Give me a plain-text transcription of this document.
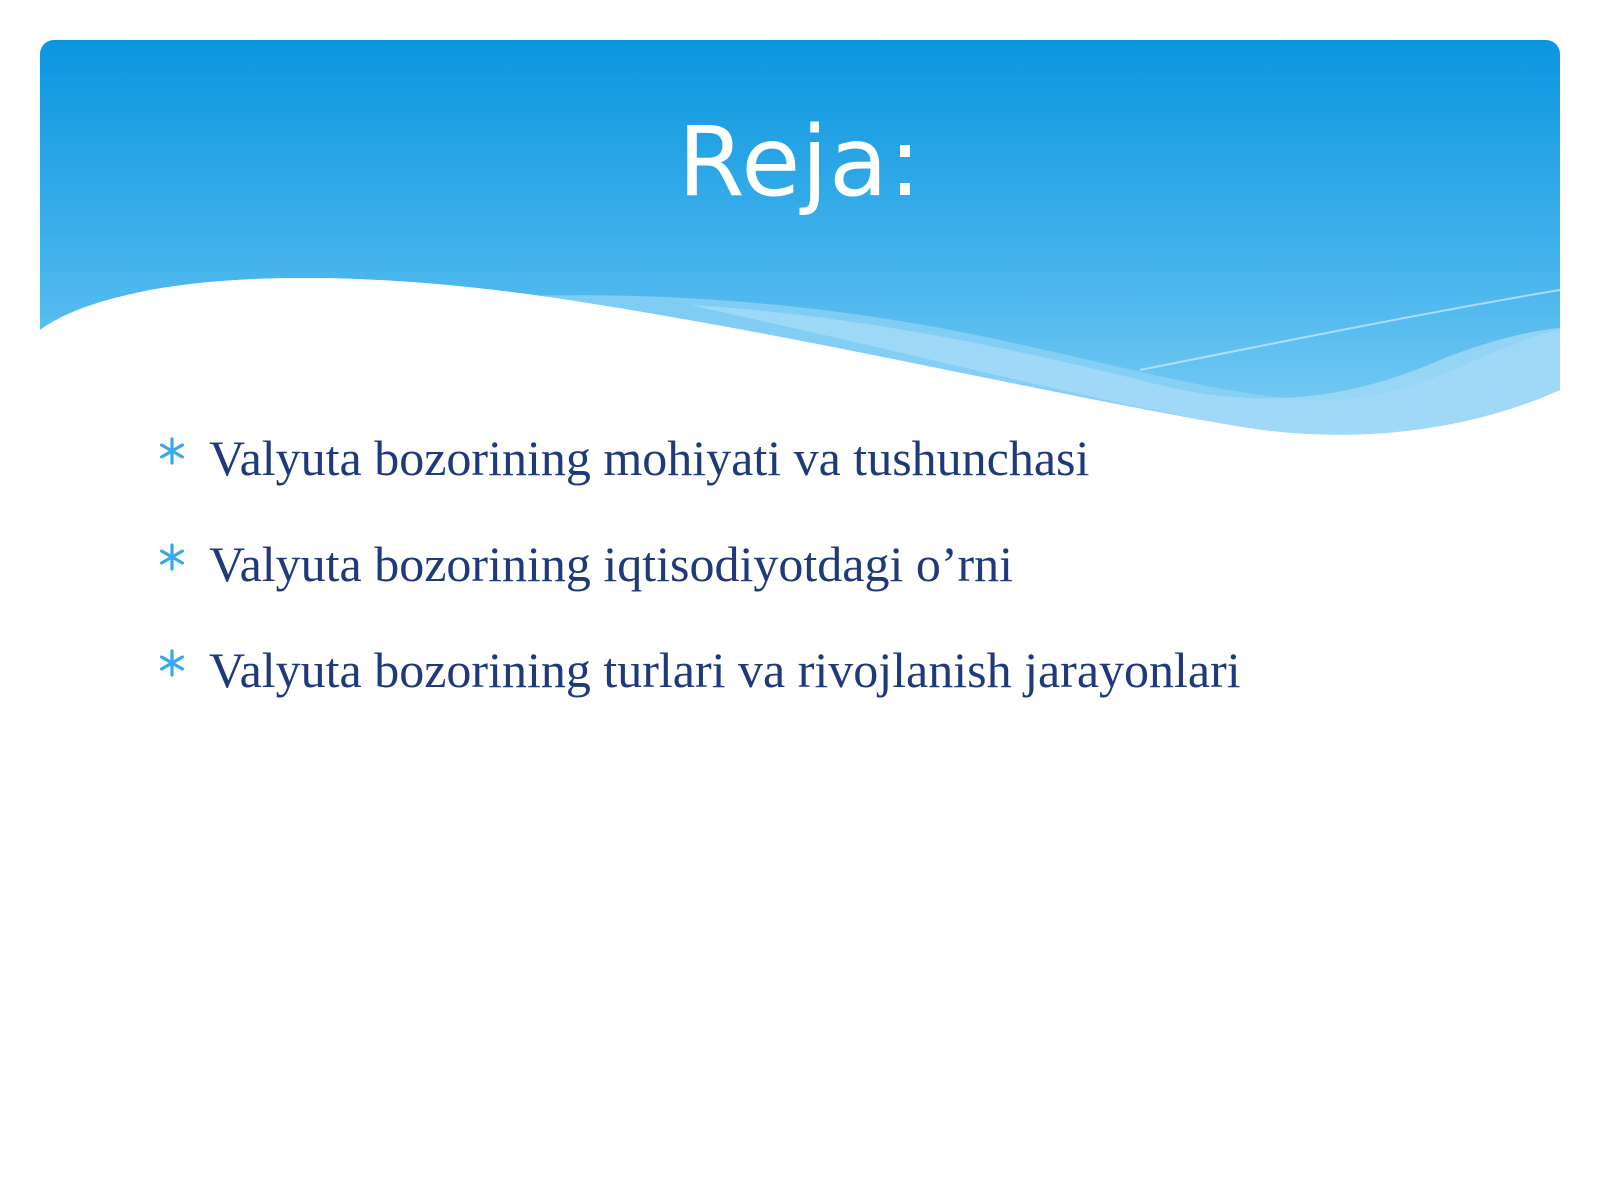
Reja:
Valyuta bozorining mohiyati va tushunchasi
Valyuta bozorining iqtisodiyotdagi o’rni
Valyuta bozorining turlari va rivojlanish jarayonlari
